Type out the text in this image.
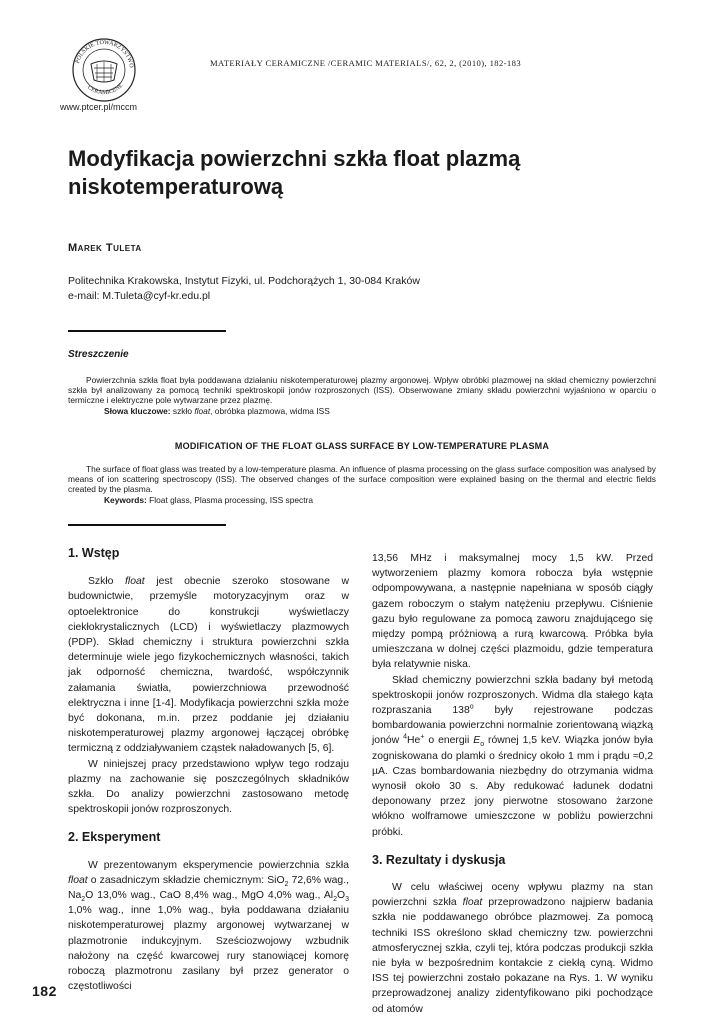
POLSKIE TOWARZYSTWO
CERAMICZNE
www.ptcer.pl/mccm
MATERIAŁY CERAMICZNE /CERAMIC MATERIALS/, 62, 2, (2010), 182-183
Modyfikacja powierzchni szkła float plazmą niskotemperaturową
Marek Tuleta
Politechnika Krakowska, Instytut Fizyki, ul. Podchorążych 1, 30-084 Kraków
e-mail: M.Tuleta@cyf-kr.edu.pl
Streszczenie

Powierzchnia szkła float była poddawana działaniu niskotemperaturowej plazmy argonowej. Wpływ obróbki plazmowej na skład chemiczny powierzchni szkła był analizowany za pomocą techniki spektroskopii jonów rozproszonych (ISS). Obserwowane zmiany składu powierzchni wyjaśniono w oparciu o termiczne i elektryczne pole wytwarzane przez plazmę.

Słowa kluczowe: szkło float, obróbka plazmowa, widma ISS

MODIFICATION OF THE FLOAT GLASS SURFACE BY LOW-TEMPERATURE PLASMA

The surface of float glass was treated by a low-temperature plasma. An influence of plasma processing on the glass surface composition was analysed by means of ion scattering spectroscopy (ISS). The observed changes of the surface composition were explained basing on the thermal and electric fields created by the plasma.

Keywords: Float glass, Plasma processing, ISS spectra

1. Wstęp

Szkło float jest obecnie szeroko stosowane w budownictwie, przemyśle motoryzacyjnym oraz w optoelektronice do konstrukcji wyświetlaczy ciekłokrystalicznych (LCD) i wyświetlaczy plazmowych (PDP). Skład chemiczny i struktura powierzchni szkła determinuje wiele jego fizykochemicznych własności, takich jak odporność chemiczna, twardość, współczynnik załamania światła, powierzchniowa przewodność elektryczna i inne [1-4]. Modyfikacja powierzchni szkła może być dokonana, m.in. przez poddanie jej działaniu niskotemperaturowej plazmy argonowej łączącej obróbkę termiczną z oddziaływaniem cząstek naładowanych [5, 6].

W niniejszej pracy przedstawiono wpływ tego rodzaju plazmy na zachowanie się poszczególnych składników szkła. Do analizy powierzchni zastosowano metodę spektroskopii jonów rozproszonych.

2. Eksperyment

W prezentowanym eksperymencie powierzchnia szkła float o zasadniczym składzie chemicznym: SiO$_2$ 72,6% wag., $Na_2O$ 13,0% wag., CaO 8,4% wag., MgO 4,0% wag., $Al_2O_3$ 1,0% wag., inne 1,0% wag., była poddawana działaniu niskotemperaturowej plazmy argonowej wytwarzanej w plazmotronie indukcyjnym. Sześciozwojowy wzbudnik nałożony na część kwarcowej rury stanowiącej komorę roboczą plazmotronu zasilany był przez generator o częstotliwości

13,56 MHz i maksymalnej mocy 1,5 kW. Przed wytworzeniem plazmy komora robocza była wstępnie odpompowywana, a następnie napełniana w sposób ciągły gazem roboczym o stałym natężeniu przepływu. Ciśnienie gazu było regulowane za pomocą zaworu znajdującego się między pompą próżniową a rurą kwarcową. Próbka była umieszczana w dolnej części plazmoidu, gdzie temperatura była relatywnie niska.

Skład chemiczny powierzchni szkła badany był metodą spektroskopii jonów rozproszonych. Widma dla stałego kąta rozpraszania 138$^o$ były rejestrowane podczas bombardowania powierzchni normalnie zorientowaną wiązką jonów $^4$He+ o energii $E_o$ równej 1,5 keV. Wiązka jonów była zogniskowana do plamki o średnicy około 1 mm i prądu ≈0,2 µA. Czas bombardowania niezbędny do otrzymania widma wynosił około 30 s. Aby redukować ładunek dodatni deponowany przez jony pierwotne stosowano żarzone włókno wolframowe umieszczone w pobliżu powierzchni próbki.

3. Rezultaty i dyskusja

W celu właściwej oceny wpływu plazmy na stan powierzchni szkła float przeprowadzono najpierw badania szkła nie poddawanego obróbce plazmowej. Za pomocą techniki ISS określono skład chemiczny tzw. powierzchni atmosferycznej szkła, czyli tej, która podczas produkcji szkła nie była w bezpośrednim kontakcie z ciekłą cyną. Widmo ISS tej powierzchni zostało pokazane na Rys. 1. W wyniku przeprowadzonej analizy zidentyfikowano piki pochodzące od atomów

182
